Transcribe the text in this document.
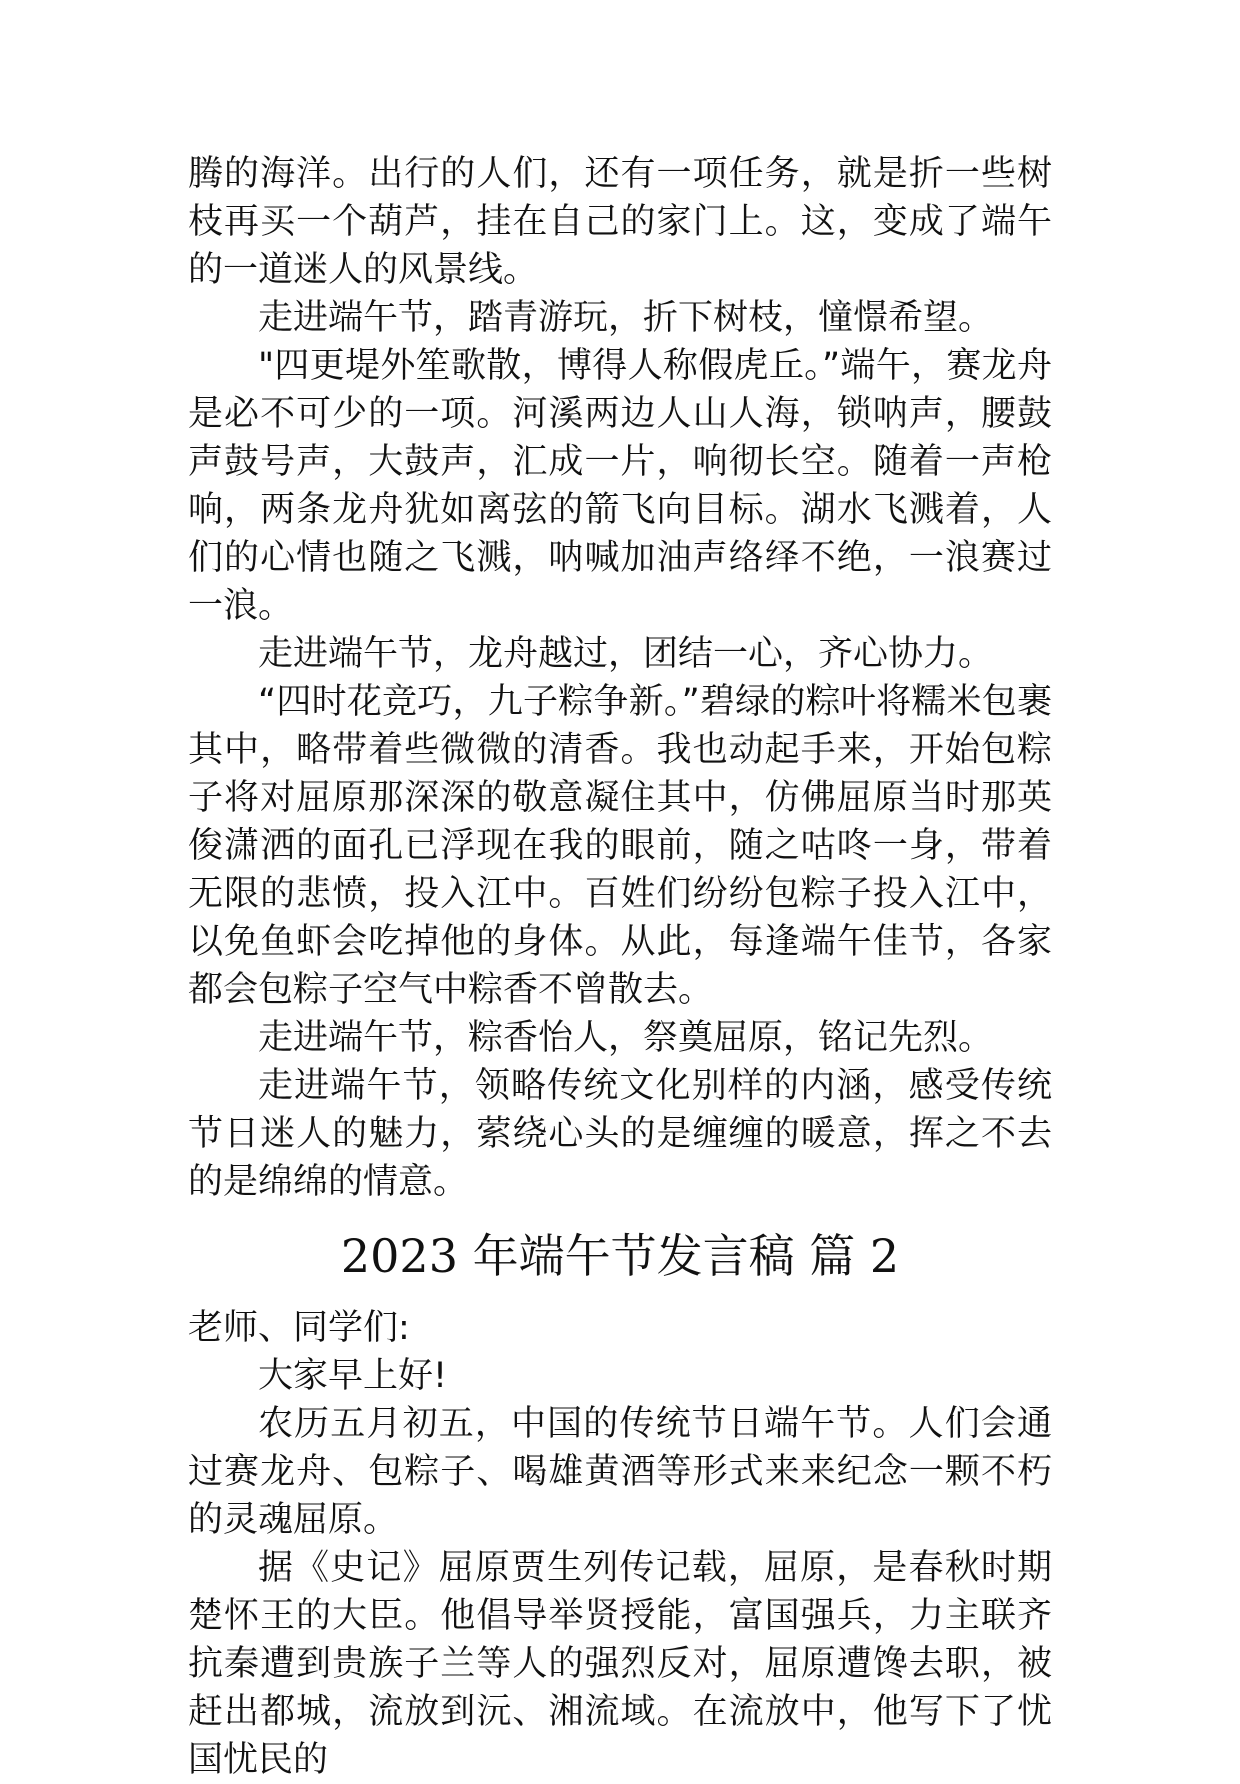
腾的海洋。出行的人们，还有一项任务，就是折一些树枝再买一个葫芦，挂在自己的家门上。这，变成了端午的一道迷人的风景线。

走进端午节，踏青游玩，折下树枝，憧憬希望。

"四更堤外笙歌散，博得人称假虎丘。”端午，赛龙舟是必不可少的一项。河溪两边人山人海，锁呐声，腰鼓声鼓号声，大鼓声，汇成一片，响彻长空。随着一声枪响，两条龙舟犹如离弦的箭飞向目标。湖水飞溅着，人们的心情也随之飞溅，呐喊加油声络绎不绝，一浪赛过一浪。

走进端午节，龙舟越过，团结一心，齐心协力。

“四时花竞巧，九子粽争新。”碧绿的粽叶将糯米包裹其中，略带着些微微的清香。我也动起手来，开始包粽子将对屈原那深深的敬意凝住其中，仿佛屈原当时那英俊潇洒的面孔已浮现在我的眼前，随之咕咚一身，带着无限的悲愤，投入江中。百姓们纷纷包粽子投入江中，以免鱼虾会吃掉他的身体。从此，每逢端午佳节，各家都会包粽子空气中粽香不曾散去。

走进端午节，粽香怡人，祭奠屈原，铭记先烈。

走进端午节，领略传统文化别样的内涵，感受传统节日迷人的魅力，萦绕心头的是缠缠的暖意，挥之不去的是绵绵的情意。

2023 年端午节发言稿 篇 2

老师、同学们:

大家早上好!

农历五月初五，中国的传统节日端午节。人们会通过赛龙舟、包粽子、喝雄黄酒等形式来来纪念一颗不朽的灵魂屈原。

据《史记》屈原贾生列传记载，屈原，是春秋时期楚怀王的大臣。他倡导举贤授能，富国强兵，力主联齐抗秦遭到贵族子兰等人的强烈反对，屈原遭馋去职，被赶出都城，流放到沅、湘流域。在流放中，他写下了忧国忧民的
